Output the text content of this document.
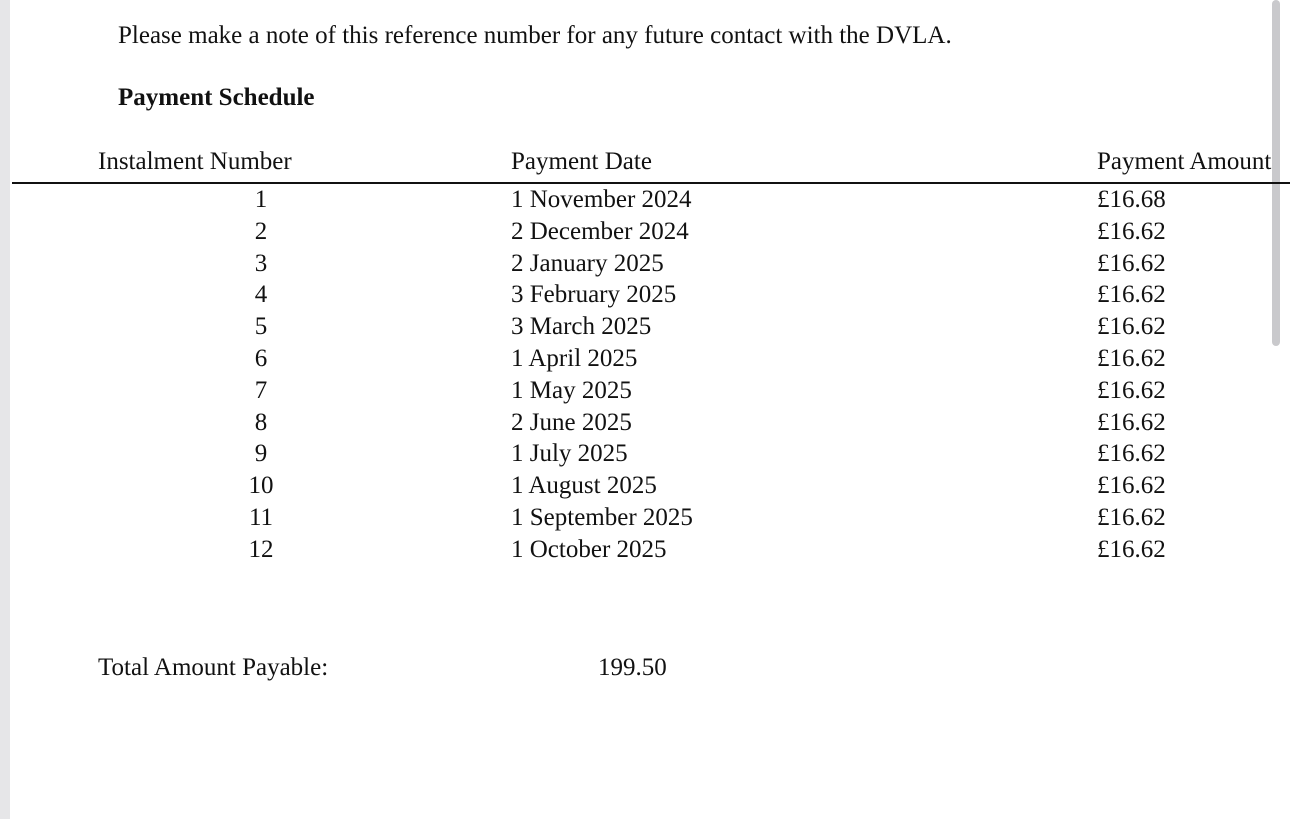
Please make a note of this reference number for any future contact with the DVLA.
Payment Schedule
Instalment Number	Payment Date	Payment Amount
1	1 November 2024	£16.68
2	2 December 2024	£16.62
3	2 January 2025	£16.62
4	3 February 2025	£16.62
5	3 March 2025	£16.62
6	1 April 2025	£16.62
7	1 May 2025	£16.62
8	2 June 2025	£16.62
9	1 July 2025	£16.62
10	1 August 2025	£16.62
11	1 September 2025	£16.62
12	1 October 2025	£16.62
Total Amount Payable:	199.50
